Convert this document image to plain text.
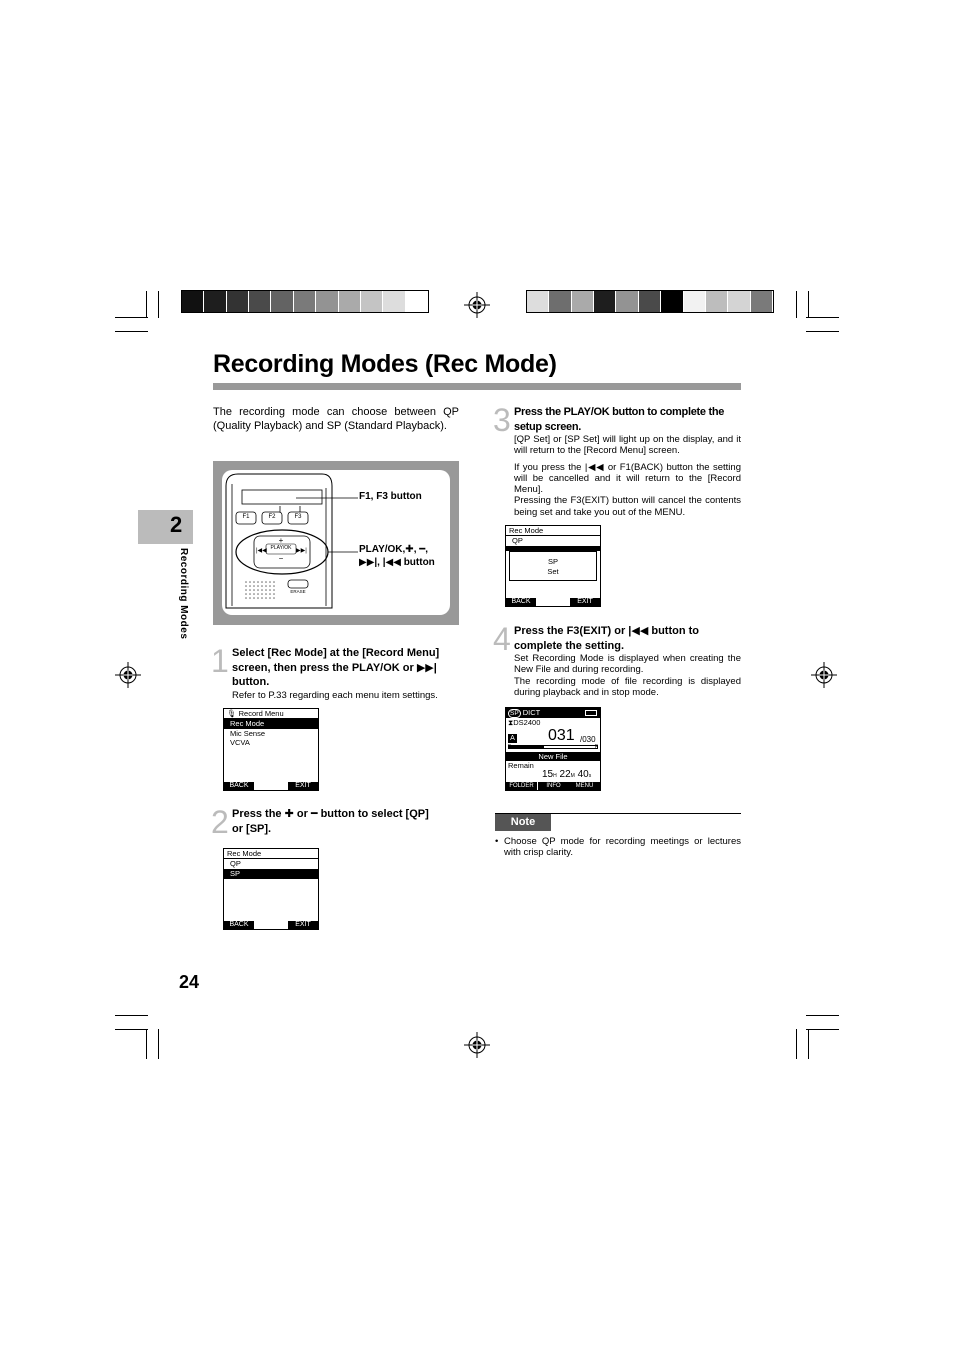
Recording Modes (Rec Mode)
The recording mode can choose between QP (Quality Playback) and SP (Standard Playback).
2
Recording Modes
F1	F2	F3
+
PLAY/OK
−
|◀◀	▶▶|
ERASE
F1, F3 button
PLAY/OK,✚, ━,
▶▶|, |◀◀ button
1 Select [Rec Mode] at the [Record Menu]
screen, then press the PLAY/OK or ▶▶|
button.
Refer to P.33 regarding each menu item settings.
🎙 Record Menu
Rec Mode
Mic Sense
VCVA
BACK	EXIT
2 Press the ✚ or ━ button to select [QP]
or [SP].
Rec Mode
QP
SP
BACK	EXIT
24
3 Press the PLAY/OK button to complete the
setup screen.
[QP Set] or [SP Set] will light up on the display, and it will return to the [Record Menu] screen.
If you press the |◀◀ or F1(BACK) button the setting will be cancelled and it will return to the [Record Menu].
Pressing the F3(EXIT) button will cancel the contents being set and take you out of the MENU.
Rec Mode
QP
SP
Set
BACK	EXIT
4 Press the F3(EXIT) or |◀◀ button to
complete the setting.
Set Recording Mode is displayed when creating the New File and during recording.
The recording mode of file recording is displayed during playback and in stop mode.
SP DICT
⧗DS2400
A 031 /030
E	F
New File
Remain
15H 22M 40s
FOLDER	INFO	MENU
Note
• Choose QP mode for recording meetings or lectures with crisp clarity.
